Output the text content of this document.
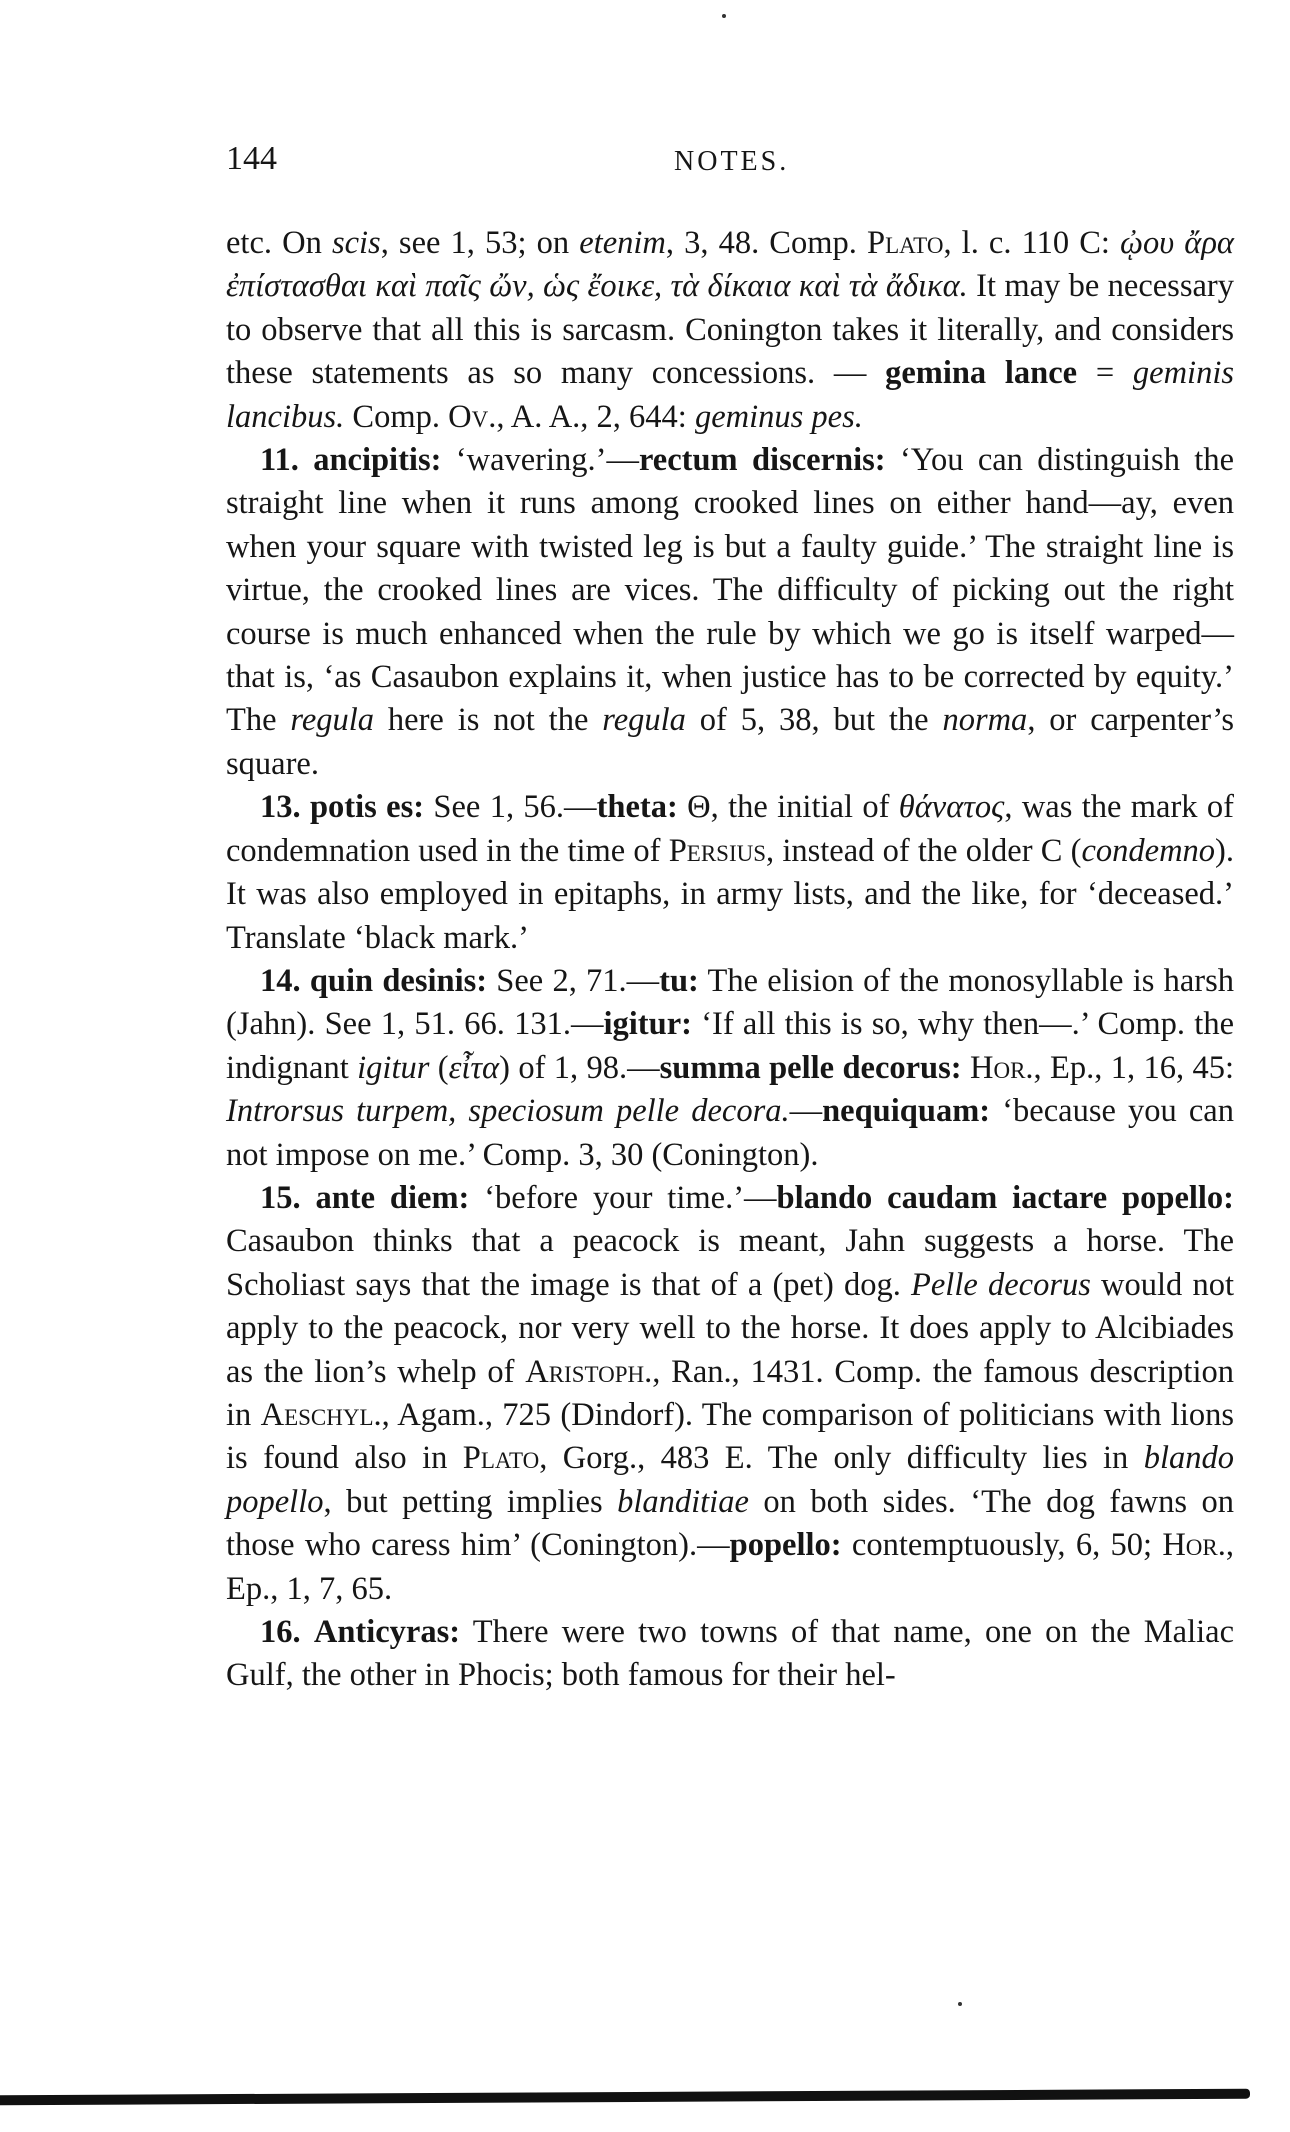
144	NOTES.

etc. On scis, see 1, 53; on etenim, 3, 48. Comp. Plato, l. c. 110 C: ᾠου ἄρα ἐπίστασθαι καὶ παῖς ὤν, ὡς ἔοικε, τὰ δίκαια καὶ τὰ ἄδικα. It may be necessary to observe that all this is sarcasm. Conington takes it literally, and considers these statements as so many concessions. — gemina lance = geminis lancibus. Comp. Ov., A. A., 2, 644: geminus pes.

11. ancipitis: ‘wavering.’—rectum discernis: ‘You can distinguish the straight line when it runs among crooked lines on either hand—ay, even when your square with twisted leg is but a faulty guide.’ The straight line is virtue, the crooked lines are vices. The difficulty of picking out the right course is much enhanced when the rule by which we go is itself warped—that is, ‘as Casaubon explains it, when justice has to be corrected by equity.’ The regula here is not the regula of 5, 38, but the norma, or carpenter’s square.

13. potis es: See 1, 56.—theta: Θ, the initial of θάνατος, was the mark of condemnation used in the time of Persius, instead of the older C (condemno). It was also employed in epitaphs, in army lists, and the like, for ‘deceased.’ Translate ‘black mark.’

14. quin desinis: See 2, 71.—tu: The elision of the monosyllable is harsh (Jahn). See 1, 51. 66. 131.—igitur: ‘If all this is so, why then—.’ Comp. the indignant igitur (εἶτα) of 1, 98.—summa pelle decorus: Hor., Ep., 1, 16, 45: Introrsus turpem, speciosum pelle decora.—nequiquam: ‘because you can not impose on me.’ Comp. 3, 30 (Conington).

15. ante diem: ‘before your time.’—blando caudam iactare popello: Casaubon thinks that a peacock is meant, Jahn suggests a horse. The Scholiast says that the image is that of a (pet) dog. Pelle decorus would not apply to the peacock, nor very well to the horse. It does apply to Alcibiades as the lion’s whelp of Aristoph., Ran., 1431. Comp. the famous description in Aeschyl., Agam., 725 (Dindorf). The comparison of politicians with lions is found also in Plato, Gorg., 483 E. The only difficulty lies in blando popello, but petting implies blanditiae on both sides. ‘The dog fawns on those who caress him’ (Conington).—popello: contemptuously, 6, 50; Hor., Ep., 1, 7, 65.

16. Anticyras: There were two towns of that name, one on the Maliac Gulf, the other in Phocis; both famous for their hel-
